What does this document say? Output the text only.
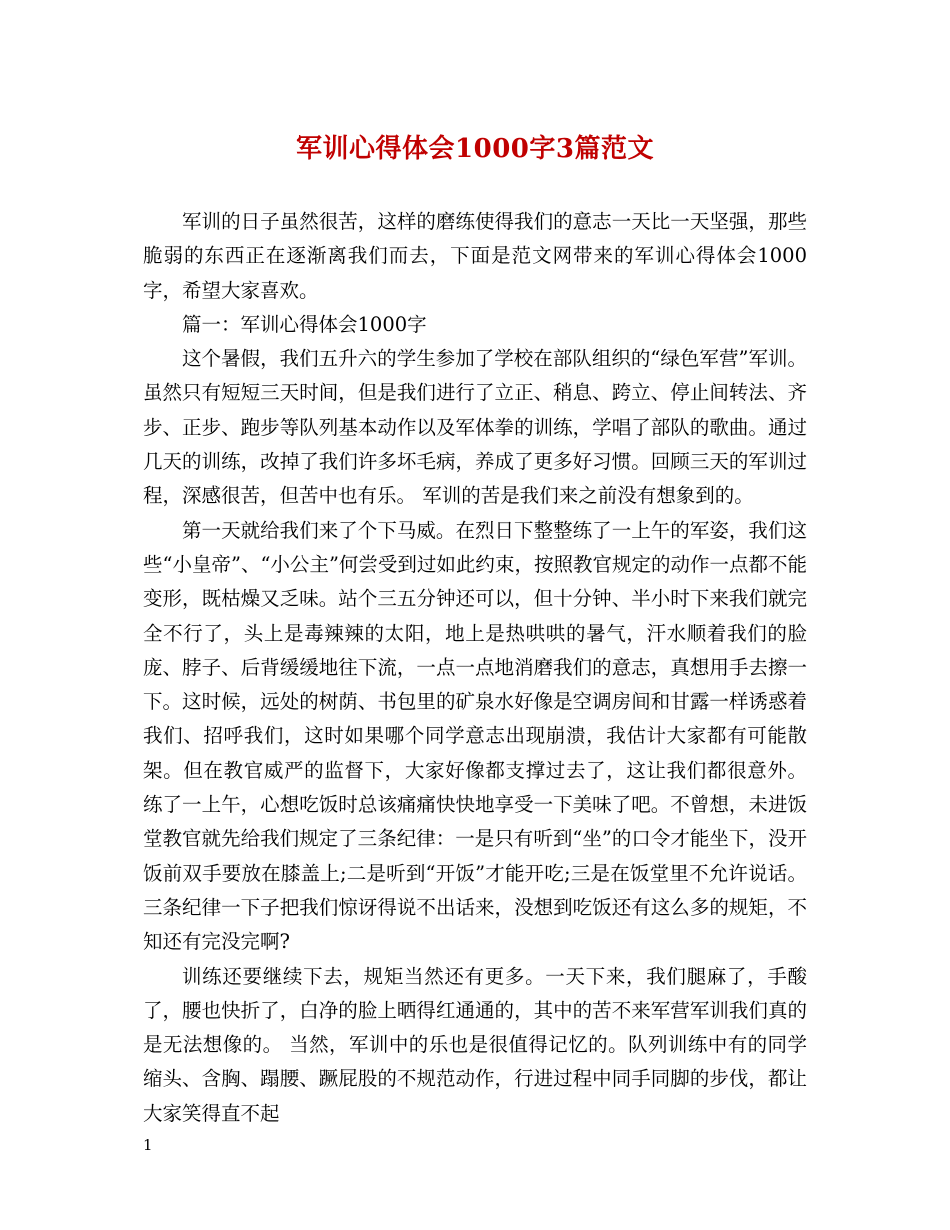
军训心得体会1000字3篇范文

军训的日子虽然很苦，这样的磨练使得我们的意志一天比一天坚强，那些脆弱的东西正在逐渐离我们而去，下面是范文网带来的军训心得体会1000字，希望大家喜欢。

篇一：军训心得体会1000字

这个暑假，我们五升六的学生参加了学校在部队组织的“绿色军营”军训。虽然只有短短三天时间，但是我们进行了立正、稍息、跨立、停止间转法、齐步、正步、跑步等队列基本动作以及军体拳的训练，学唱了部队的歌曲。通过几天的训练，改掉了我们许多坏毛病，养成了更多好习惯。回顾三天的军训过程，深感很苦，但苦中也有乐。 军训的苦是我们来之前没有想象到的。

第一天就给我们来了个下马威。在烈日下整整练了一上午的军姿，我们这些“小皇帝”、“小公主”何尝受到过如此约束，按照教官规定的动作一点都不能变形，既枯燥又乏味。站个三五分钟还可以，但十分钟、半小时下来我们就完全不行了，头上是毒辣辣的太阳，地上是热哄哄的暑气，汗水顺着我们的脸庞、脖子、后背缓缓地往下流，一点一点地消磨我们的意志，真想用手去擦一下。这时候，远处的树荫、书包里的矿泉水好像是空调房间和甘露一样诱惑着我们、招呼我们，这时如果哪个同学意志出现崩溃，我估计大家都有可能散架。但在教官威严的监督下，大家好像都支撑过去了，这让我们都很意外。 练了一上午，心想吃饭时总该痛痛快快地享受一下美味了吧。不曾想，未进饭堂教官就先给我们规定了三条纪律：一是只有听到“坐”的口令才能坐下，没开饭前双手要放在膝盖上;二是听到“开饭”才能开吃;三是在饭堂里不允许说话。三条纪律一下子把我们惊讶得说不出话来，没想到吃饭还有这么多的规矩，不知还有完没完啊?

训练还要继续下去，规矩当然还有更多。一天下来，我们腿麻了，手酸了，腰也快折了，白净的脸上晒得红通通的，其中的苦不来军营军训我们真的是无法想像的。 当然，军训中的乐也是很值得记忆的。队列训练中有的同学缩头、含胸、蹋腰、蹶屁股的不规范动作，行进过程中同手同脚的步伐，都让大家笑得直不起

1
